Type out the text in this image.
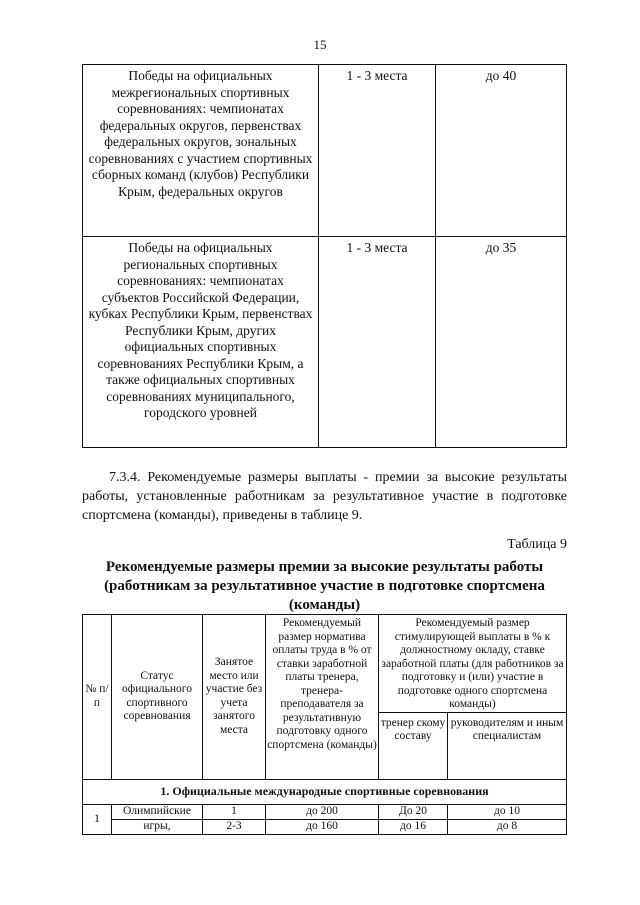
15
Победы на официальных межрегиональных спортивных соревнованиях: чемпионатах федеральных округов, первенствах федеральных округов, зональных соревнованиях с участием спортивных сборных команд (клубов) Республики Крым, федеральных округов	1 - 3 места	до 40
Победы на официальных региональных спортивных соревнованиях: чемпионатах субъектов Российской Федерации, кубках Республики Крым, первенствах Республики Крым, других официальных спортивных соревнованиях Республики Крым, а также официальных спортивных соревнованиях муниципального, городского уровней	1 - 3 места	до 35

7.3.4. Рекомендуемые размеры выплаты - премии за высокие результаты работы, установленные работникам за результативное участие в подготовке спортсмена (команды), приведены в таблице 9.

Таблица 9
Рекомендуемые размеры премии за высокие результаты работы
(работникам за результативное участие в подготовке спортсмена
(команды)
№ п/п	Статус официального спортивного соревнования	Занятое место или участие без учета занятого места	Рекомендуемый размер норматива оплаты труда в % от ставки заработной платы тренера, тренера-преподавателя за результативную подготовку одного спортсмена (команды)	Рекомендуемый размер стимулирующей выплаты в % к должностному окладу, ставке заработной платы (для работников за подготовку и (или) участие в подготовке одного спортсмена команды)	
				тренер скому составу	руководителям и иным специалистам
1. Официальные международные спортивные соревнования					
1	Олимпийские	1	до 200	До 20	до 10
	игры,	2-3	до 160	до 16	до 8
